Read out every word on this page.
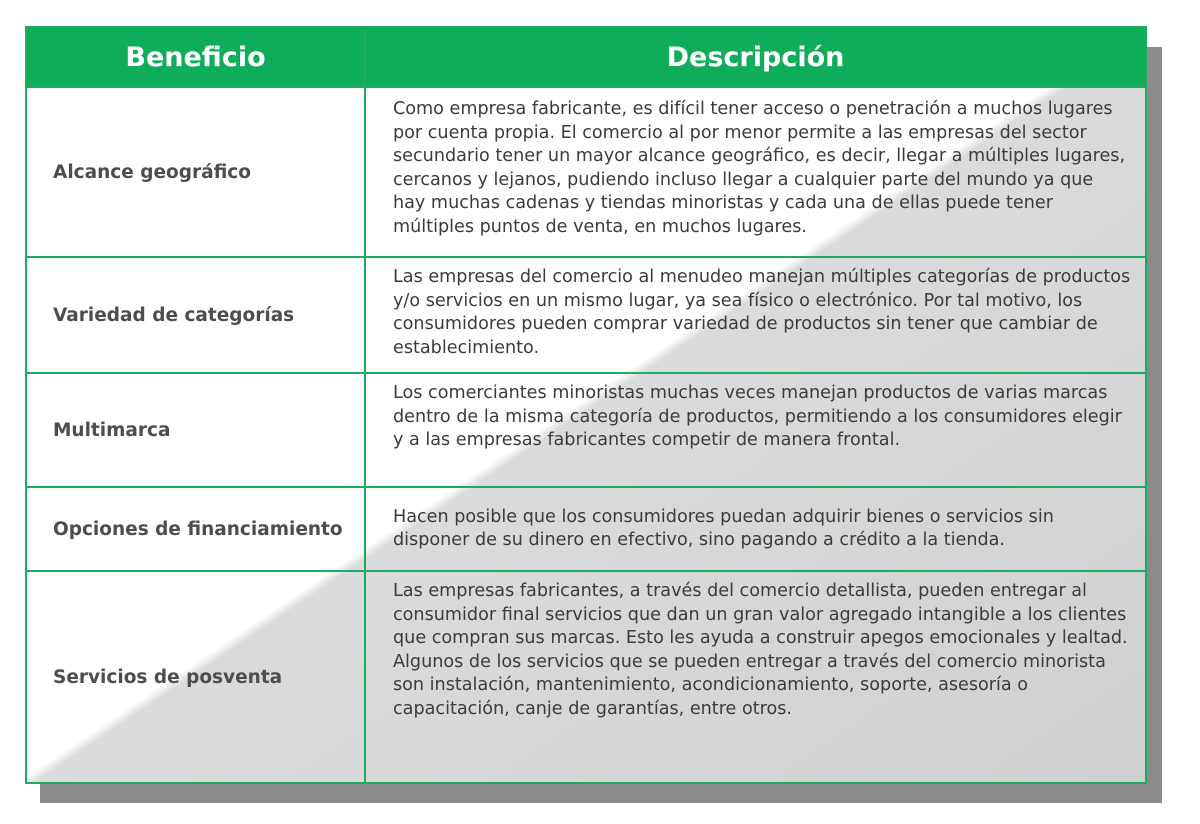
Beneficio	Descripción
Alcance geográfico	Como empresa fabricante, es difícil tener acceso o penetración a muchos lugares por cuenta propia. El comercio al por menor permite a las empresas del sector secundario tener un mayor alcance geográfico, es decir, llegar a múltiples lugares, cercanos y lejanos, pudiendo incluso llegar a cualquier parte del mundo ya que hay muchas cadenas y tiendas minoristas y cada una de ellas puede tener múltiples puntos de venta, en muchos lugares.
Variedad de categorías	Las empresas del comercio al menudeo manejan múltiples categorías de productos y/o servicios en un mismo lugar, ya sea físico o electrónico. Por tal motivo, los consumidores pueden comprar variedad de productos sin tener que cambiar de establecimiento.
Multimarca	Los comerciantes minoristas muchas veces manejan productos de varias marcas dentro de la misma categoría de productos, permitiendo a los consumidores elegir y a las empresas fabricantes competir de manera frontal.
Opciones de financiamiento	Hacen posible que los consumidores puedan adquirir bienes o servicios sin disponer de su dinero en efectivo, sino pagando a crédito a la tienda.
Servicios de posventa	Las empresas fabricantes, a través del comercio detallista, pueden entregar al consumidor final servicios que dan un gran valor agregado intangible a los clientes que compran sus marcas. Esto les ayuda a construir apegos emocionales y lealtad. Algunos de los servicios que se pueden entregar a través del comercio minorista son instalación, mantenimiento, acondicionamiento, soporte, asesoría o capacitación, canje de garantías, entre otros.
